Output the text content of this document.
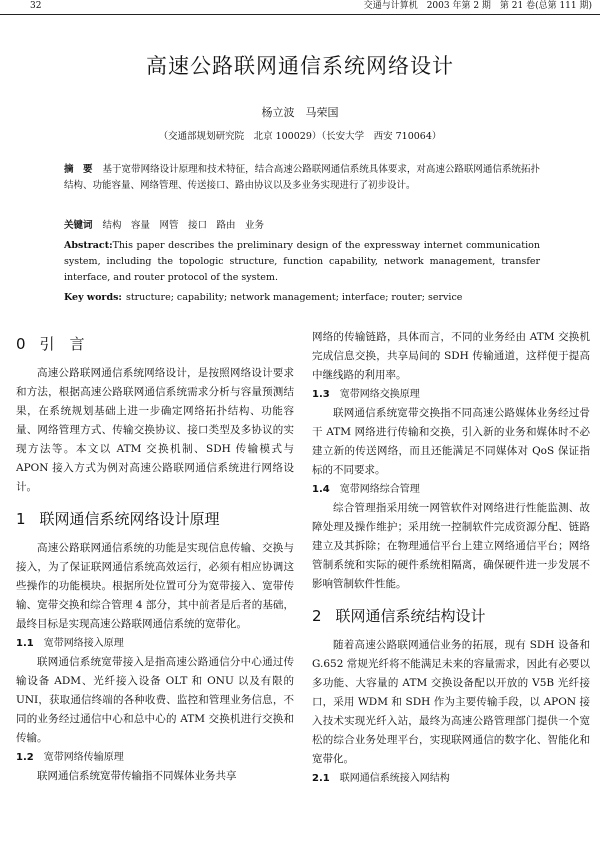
32	交通与计算机　2003 年第 2 期　第 21 卷(总第 111 期)
高速公路联网通信系统网络设计
杨立波　马荣国
（交通部规划研究院　北京 100029）（长安大学　西安 710064）
摘　要 基于宽带网络设计原理和技术特征，结合高速公路联网通信系统具体要求，对高速公路联网通信系统拓扑结构、功能容量、网络管理、传送接口、路由协议以及多业务实现进行了初步设计。
关键词 结构　容量　网管　接口　路由　业务
Abstract:This paper describes the preliminary design of the expressway internet communication system, including the topologic structure, function capability, network management, transfer interface, and router protocol of the system.
Key words: structure; capability; network management; interface; router; service
0 引　言
高速公路联网通信系统网络设计，是按照网络设计要求和方法，根据高速公路联网通信系统需求分析与容量预测结果，在系统规划基础上进一步确定网络拓扑结构、功能容量、网络管理方式、传输交换协议、接口类型及多协议的实现方法等。本文以 ATM 交换机制、SDH 传输模式与 APON 接入方式为例对高速公路联网通信系统进行网络设计。
1 联网通信系统网络设计原理
高速公路联网通信系统的功能是实现信息传输、交换与接入，为了保证联网通信系统高效运行，必须有相应协调这些操作的功能模块。根据所处位置可分为宽带接入、宽带传输、宽带交换和综合管理 4 部分，其中前者是后者的基础，最终目标是实现高速公路联网通信系统的宽带化。
1.1 宽带网络接入原理
联网通信系统宽带接入是指高速公路通信分中心通过传输设备 ADM、光纤接入设备 OLT 和 ONU 以及有限的 UNI，获取通信终端的各种收费、监控和管理业务信息，不同的业务经过通信中心和总中心的 ATM 交换机进行交换和传输。
1.2 宽带网络传输原理
联网通信系统宽带传输指不同媒体业务共享
网络的传输链路，具体而言，不同的业务经由 ATM 交换机完成信息交换，共享局间的 SDH 传输通道，这样便于提高中继线路的利用率。
1.3 宽带网络交换原理
联网通信系统宽带交换指不同高速公路媒体业务经过骨干 ATM 网络进行传输和交换，引入新的业务和媒体时不必建立新的传送网络，而且还能满足不同媒体对 QoS 保证指标的不同要求。
1.4 宽带网络综合管理
综合管理指采用统一网管软件对网络进行性能监测、故障处理及操作维护；采用统一控制软件完成资源分配、链路建立及其拆除；在物理通信平台上建立网络通信平台；网络管制系统和实际的硬件系统相隔离，确保硬件进一步发展不影响管制软件性能。
2 联网通信系统结构设计
随着高速公路联网通信业务的拓展，现有 SDH 设备和 G.652 常规光纤将不能满足未来的容量需求，因此有必要以多功能、大容量的 ATM 交换设备配以开放的 V5B 光纤接口，采用 WDM 和 SDH 作为主要传输手段，以 APON 接入技术实现光纤入站，最终为高速公路管理部门提供一个宽松的综合业务处理平台，实现联网通信的数字化、智能化和宽带化。
2.1 联网通信系统接入网结构
